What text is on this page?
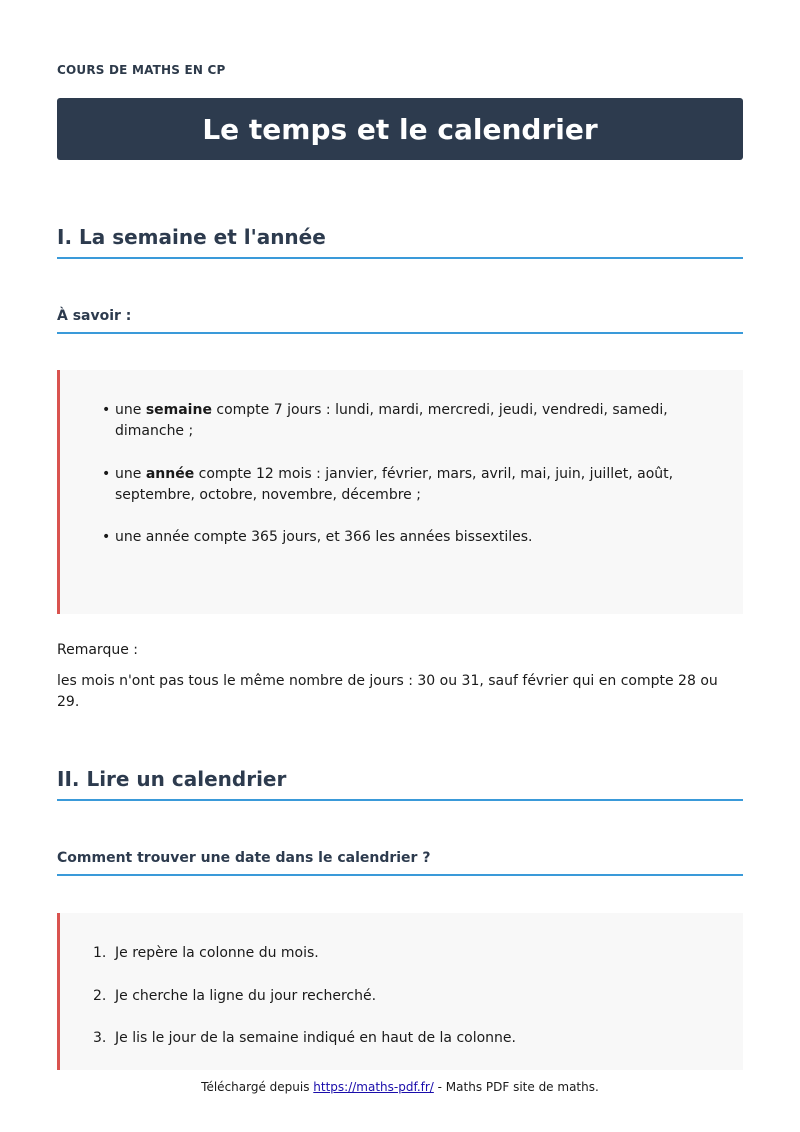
COURS DE MATHS EN CP
Le temps et le calendrier
I. La semaine et l'année
À savoir :
• une semaine compte 7 jours : lundi, mardi, mercredi, jeudi, vendredi, samedi, dimanche ;
• une année compte 12 mois : janvier, février, mars, avril, mai, juin, juillet, août, septembre, octobre, novembre, décembre ;
• une année compte 365 jours, et 366 les années bissextiles.
Remarque :
les mois n'ont pas tous le même nombre de jours : 30 ou 31, sauf février qui en compte 28 ou 29.
II. Lire un calendrier
Comment trouver une date dans le calendrier ?
1. Je repère la colonne du mois.
2. Je cherche la ligne du jour recherché.
3. Je lis le jour de la semaine indiqué en haut de la colonne.
Téléchargé depuis https://maths-pdf.fr/ - Maths PDF site de maths.
